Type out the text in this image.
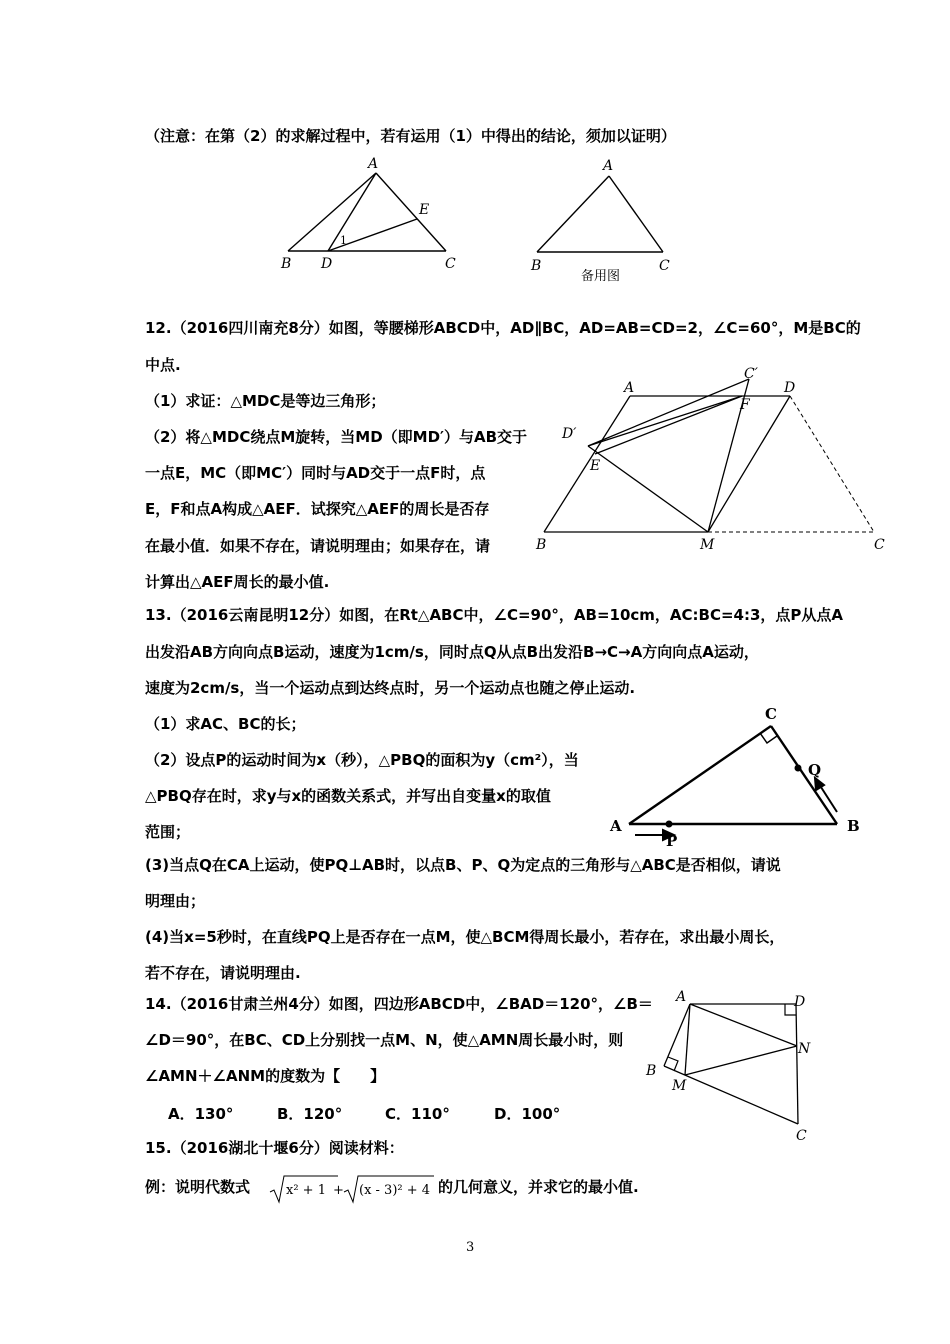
（注意：在第（2）的求解过程中，若有运用（1）中得出的结论，须加以证明）
A
B	C
D
E
1
A
B	C
备用图
12.（2016四川南充8分）如图，等腰梯形ABCD中，AD∥BC，AD=AB=CD=2，∠C=60°，M是BC的
中点.
（1）求证：△MDC是等边三角形；
（2）将△MDC绕点M旋转，当MD（即MD′）与AB交于
一点E，MC（即MC′）同时与AD交于一点F时，点
E，F和点A构成△AEF．试探究△AEF的周长是否存
在最小值．如果不存在，请说明理由；如果存在，请
计算出△AEF周长的最小值.
A
C′
D
F
D′
E
B	M	C
13.（2016云南昆明12分）如图，在Rt△ABC中，∠C=90°，AB=10cm，AC:BC=4:3，点P从点A
出发沿AB方向向点B运动，速度为1cm/s，同时点Q从点B出发沿B→C→A方向向点A运动，
速度为2cm/s，当一个运动点到达终点时，另一个运动点也随之停止运动.
（1）求AC、BC的长；
（2）设点P的运动时间为x（秒），△PBQ的面积为y（cm²），当
△PBQ存在时，求y与x的函数关系式，并写出自变量x的取值
范围；
(3)当点Q在CA上运动，使PQ⊥AB时，以点B、P、Q为定点的三角形与△ABC是否相似，请说
明理由；
(4)当x=5秒时，在直线PQ上是否存在一点M，使△BCM得周长最小，若存在，求出最小周长，
若不存在，请说明理由.
C
Q
A
P
B
14.（2016甘肃兰州4分）如图，四边形ABCD中，∠BAD＝120°，∠B＝
∠D＝90°，在BC、CD上分别找一点M、N，使△AMN周长最小时，则
∠AMN＋∠ANM的度数为【　　】
A．130°	B．120°	C．110°	D．100°
A	D
N
B
M
C
15.（2016湖北十堰6分）阅读材料：
例：说明代数式	x² + 1 + (x - 3)² + 4 的几何意义，并求它的最小值.
3
